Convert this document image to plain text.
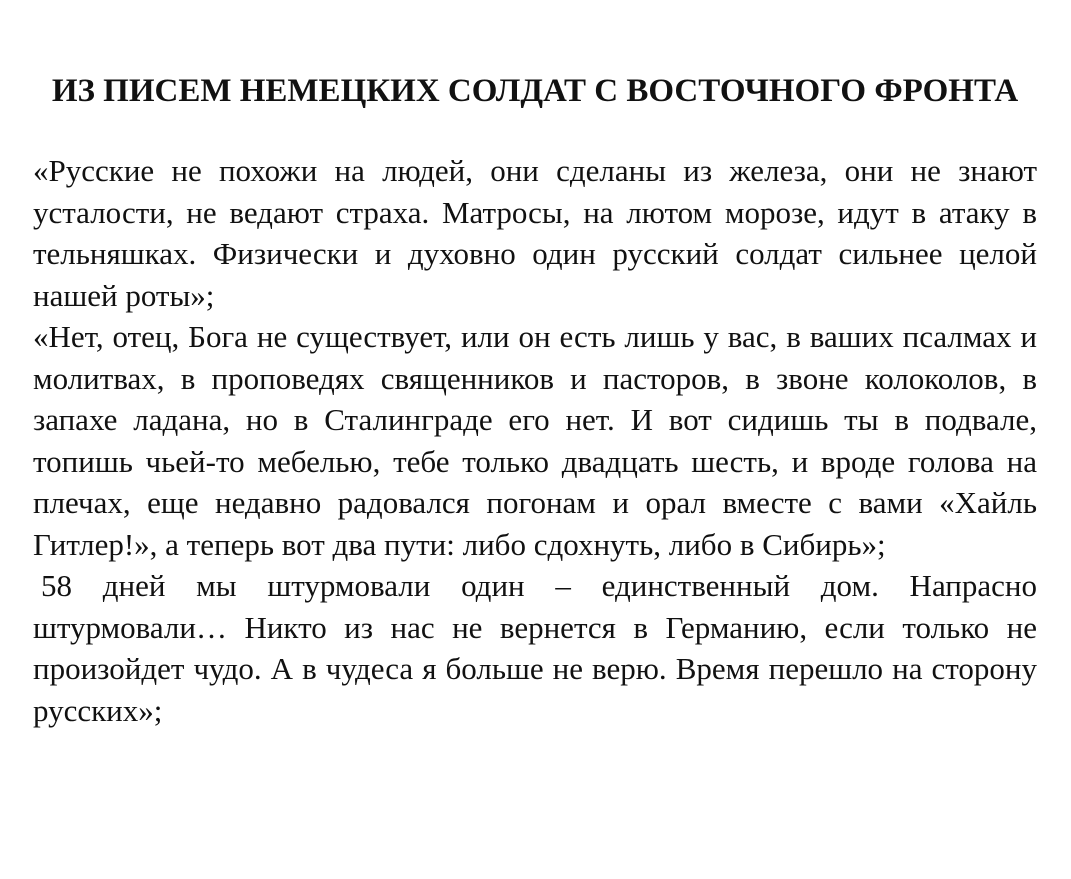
ИЗ ПИСЕМ НЕМЕЦКИХ СОЛДАТ С ВОСТОЧНОГО ФРОНТА

«Русские не похожи на людей, они сделаны из железа, они не знают усталости, не ведают страха. Матросы, на лютом морозе, идут в атаку в тельняшках. Физически и духовно один русский солдат сильнее целой нашей роты»;

«Нет, отец, Бога не существует, или он есть лишь у вас, в ваших псалмах и молитвах, в проповедях священников и пасторов, в звоне колоколов, в запахе ладана, но в Сталинграде его нет. И вот сидишь ты в подвале, топишь чьей-то мебелью, тебе только двадцать шесть, и вроде голова на плечах, еще недавно радовался погонам и орал вместе с вами «Хайль Гитлер!», а теперь вот два пути: либо сдохнуть, либо в Сибирь»;

58 дней мы штурмовали один – единственный дом. Напрасно штурмовали… Никто из нас не вернется в Германию, если только не произойдет чудо. А в чудеса я больше не верю. Время перешло на сторону русских»;
